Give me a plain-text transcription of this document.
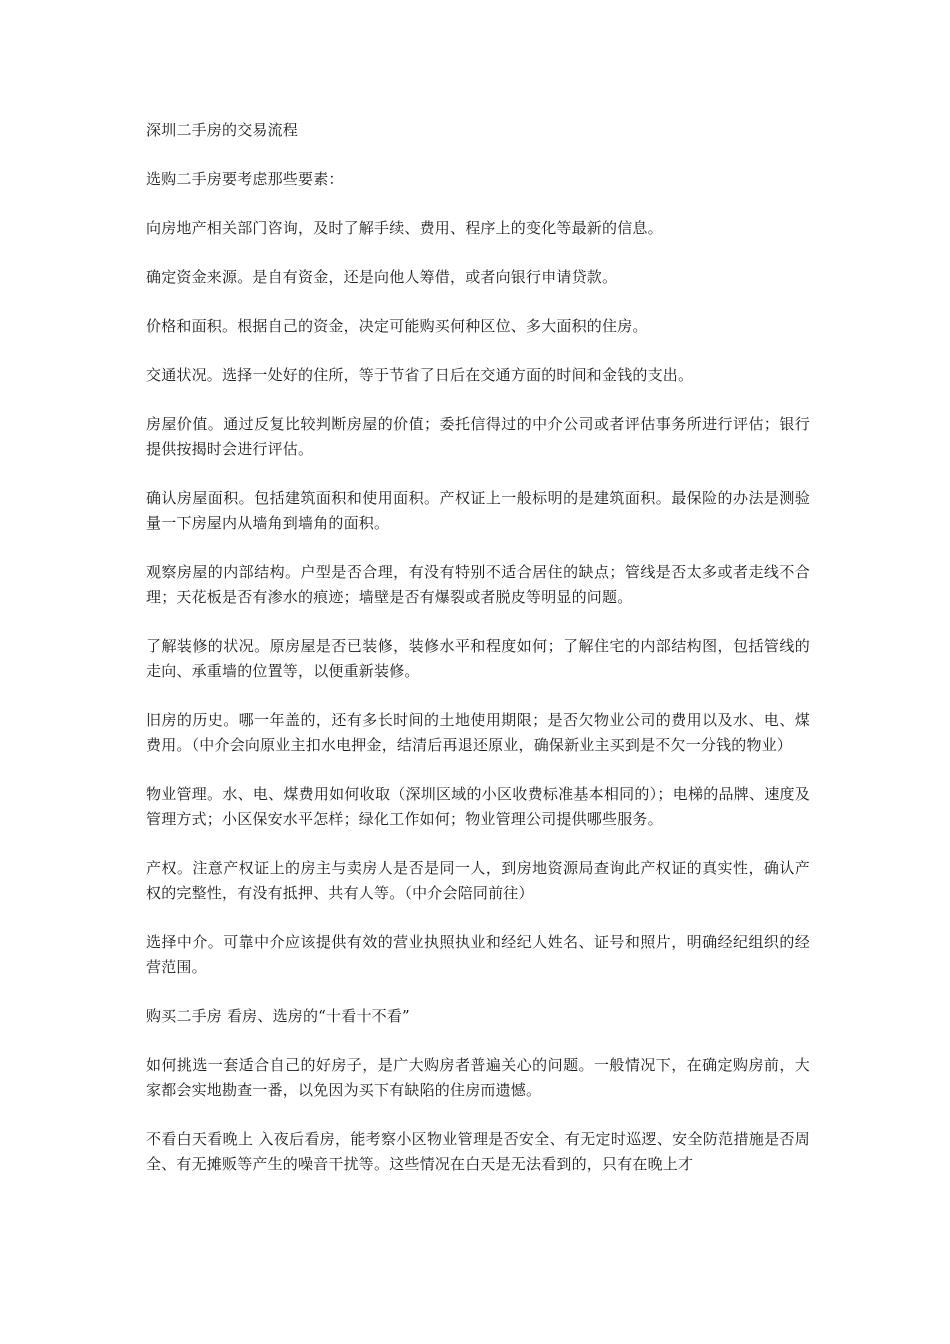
深圳二手房的交易流程

选购二手房要考虑那些要素：

向房地产相关部门咨询，及时了解手续、费用、程序上的变化等最新的信息。

确定资金来源。是自有资金，还是向他人筹借，或者向银行申请贷款。

价格和面积。根据自己的资金，决定可能购买何种区位、多大面积的住房。

交通状况。选择一处好的住所，等于节省了日后在交通方面的时间和金钱的支出。

房屋价值。通过反复比较判断房屋的价值；委托信得过的中介公司或者评估事务所进行评估；银行提供按揭时会进行评估。

确认房屋面积。包括建筑面积和使用面积。产权证上一般标明的是建筑面积。最保险的办法是测验量一下房屋内从墙角到墙角的面积。

观察房屋的内部结构。户型是否合理，有没有特别不适合居住的缺点；管线是否太多或者走线不合理；天花板是否有渗水的痕迹；墙壁是否有爆裂或者脱皮等明显的问题。

了解装修的状况。原房屋是否已装修，装修水平和程度如何；了解住宅的内部结构图，包括管线的走向、承重墙的位置等，以便重新装修。

旧房的历史。哪一年盖的，还有多长时间的土地使用期限；是否欠物业公司的费用以及水、电、煤费用。（中介会向原业主扣水电押金，结清后再退还原业，确保新业主买到是不欠一分钱的物业）

物业管理。水、电、煤费用如何收取（深圳区域的小区收费标准基本相同的）；电梯的品牌、速度及管理方式；小区保安水平怎样；绿化工作如何；物业管理公司提供哪些服务。

产权。注意产权证上的房主与卖房人是否是同一人，到房地资源局查询此产权证的真实性，确认产权的完整性，有没有抵押、共有人等。（中介会陪同前往）

选择中介。可靠中介应该提供有效的营业执照执业和经纪人姓名、证号和照片，明确经纪组织的经营范围。

购买二手房 看房、选房的“十看十不看”

如何挑选一套适合自己的好房子，是广大购房者普遍关心的问题。一般情况下，在确定购房前，大家都会实地勘查一番，以免因为买下有缺陷的住房而遗憾。

不看白天看晚上 入夜后看房，能考察小区物业管理是否安全、有无定时巡逻、安全防范措施是否周全、有无摊贩等产生的噪音干扰等。这些情况在白天是无法看到的，只有在晚上才
